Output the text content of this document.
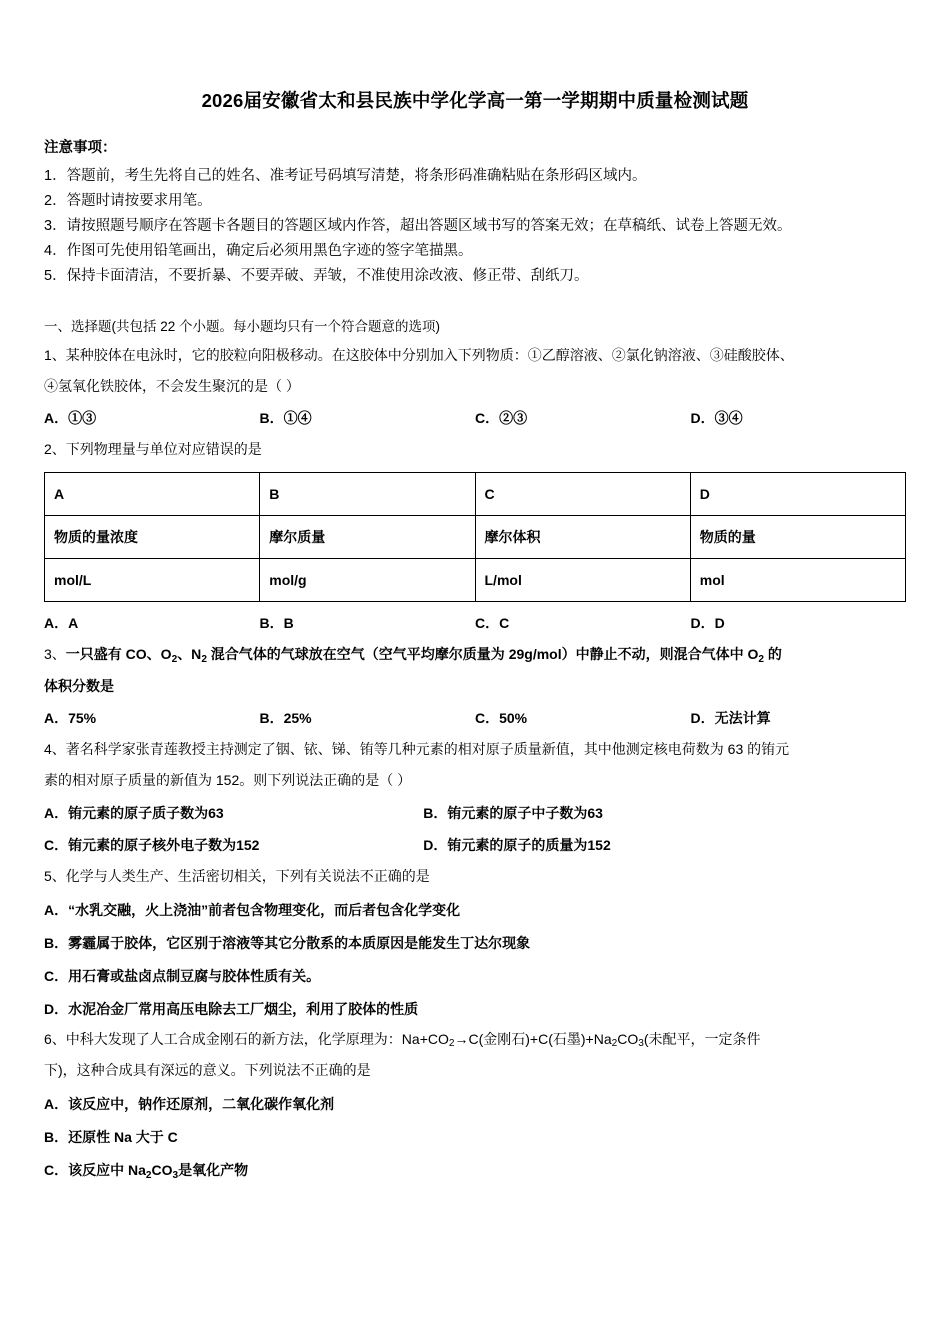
2026届安徽省太和县民族中学化学高一第一学期期中质量检测试题
注意事项：
1．答题前，考生先将自己的姓名、准考证号码填写清楚，将条形码准确粘贴在条形码区域内。
2．答题时请按要求用笔。
3．请按照题号顺序在答题卡各题目的答题区域内作答，超出答题区域书写的答案无效；在草稿纸、试卷上答题无效。
4．作图可先使用铅笔画出，确定后必须用黑色字迹的签字笔描黑。
5．保持卡面清洁，不要折暴、不要弄破、弄皱，不准使用涂改液、修正带、刮纸刀。
一、选择题(共包括 22 个小题。每小题均只有一个符合题意的选项)
1、某种胶体在电泳时，它的胶粒向阳极移动。在这胶体中分别加入下列物质：①乙醇溶液、②氯化钠溶液、③硅酸胶体、
④氢氧化铁胶体，不会发生聚沉的是（ ）
A．①③	B．①④	C．②③	D．③④
2、下列物理量与单位对应错误的是
A	B	C	D
物质的量浓度	摩尔质量	摩尔体积	物质的量
mol/L	mol/g	L/mol	mol
A．A	B．B	C．C	D．D
3、一只盛有 CO、$O_2$、$N_2$ 混合气体的气球放在空气（空气平均摩尔质量为 29g/mol）中静止不动，则混合气体中 $O_2$ 的
体积分数是
A．75%	B．25%	C．50%	D．无法计算
4、著名科学家张青莲教授主持测定了铟、铱、锑、铕等几种元素的相对原子质量新值，其中他测定核电荷数为 63 的铕元
素的相对原子质量的新值为 152。则下列说法正确的是（ ）
A．铕元素的原子质子数为63	B．铕元素的原子中子数为63
C．铕元素的原子核外电子数为152	D．铕元素的原子的质量为152
5、化学与人类生产、生活密切相关，下列有关说法不正确的是
A．“水乳交融，火上浇油”前者包含物理变化，而后者包含化学变化
B．雾霾属于胶体，它区别于溶液等其它分散系的本质原因是能发生丁达尔现象
C．用石膏或盐卤点制豆腐与胶体性质有关。
D．水泥冶金厂常用高压电除去工厂烟尘，利用了胶体的性质
6、中科大发现了人工合成金刚石的新方法，化学原理为：$Na+CO_2\to C$(金刚石)+C(石墨)$+Na_2CO_3$(未配平，一定条件
下)，这种合成具有深远的意义。下列说法不正确的是
A．该反应中，钠作还原剂，二氧化碳作氧化剂
B．还原性 Na 大于 C
C．该反应中 $Na_2CO_3$是氧化产物
